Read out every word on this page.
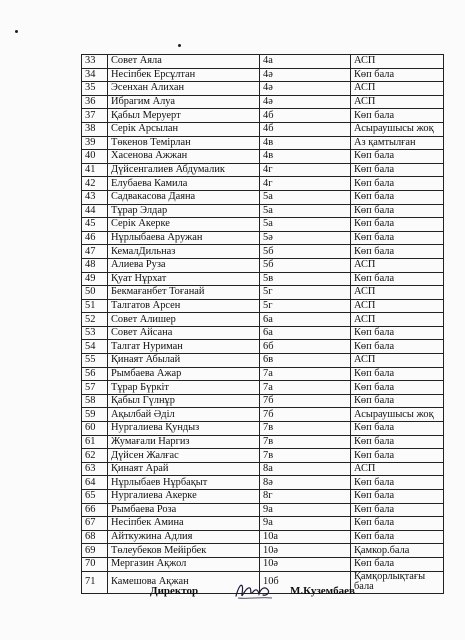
33	Совет Аяла	4а	АСП
34	Несіпбек Ерсұлтан	4ә	Көп бала
35	Эсенхан Алихан	4ә	АСП
36	Ибрагим Алуа	4ә	АСП
37	Қабыл Меруерт	4б	Көп бала
38	Серік Арсылан	4б	Асыраушысы жоқ
39	Төкенов Темірлан	4в	Аз қамтылған
40	Хасенова Ажжан	4в	Көп бала
41	Дүйсенгалиев Абдумалик	4г	Көп бала
42	Елубаева Камила	4г	Көп бала
43	Садвакасова Даяна	5а	Көп бала
44	Тұрар Элдар	5а	Көп бала
45	Серік Акерке	5а	Көп бала
46	Нұрлыбаева Аружан	5ә	Көп бала
47	КемалДильназ	5б	Көп бала
48	Алиева Руза	5б	АСП
49	Қуат Нұрхат	5в	Көп бала
50	Бекмағанбет Тоғанай	5г	АСП
51	Талгатов Арсен	5г	АСП
52	Совет Алишер	6а	АСП
53	Совет Айсана	6а	Көп бала
54	Талгат Нуриман	6б	Көп бала
55	Қинаят Абылай	6в	АСП
56	Рымбаева Ажар	7а	Көп бала
57	Тұрар Бүркіт	7а	Көп бала
58	Қабыл Гүлнұр	7б	Көп бала
59	Ақылбай Әділ	7б	Асыраушысы жоқ
60	Нургалиева Қундыз	7в	Көп бала
61	Жумағали Наргиз	7в	Көп бала
62	Дүйсен Жалғас	7в	Көп бала
63	Қинаят Арай	8а	АСП
64	Нұрлыбаев Нұрбақыт	8ә	Көп бала
65	Нургалиева Акерке	8г	Көп бала
66	Рымбаева Роза	9а	Көп бала
67	Несіпбек Амина	9а	Көп бала
68	Айткужина Адлия	10а	Көп бала
69	Төлеубеков Мейірбек	10ә	Қамкор.бала
70	Мергазин Ақжол	10ә	Көп бала
71	Камешова Ақжан	10б	Қамқорлықтағы бала
Директор	М.Кузембаев
